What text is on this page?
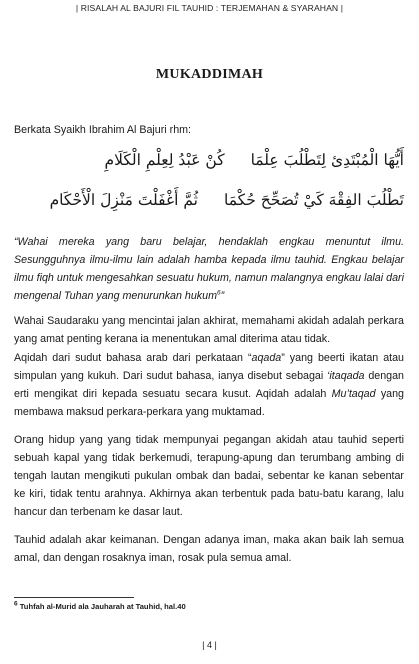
| RISALAH AL BAJURI FIL TAUHID : TERJEMAHAN & SYARAHAN |
MUKADDIMAH
Berkata Syaikh Ibrahim Al Bajuri rhm:
أَيُّهَا الْمُبْتَدِئ لِتَطْلُبَ عِلْمَاكُنْ عَبْدُ لِعِلْمِ الْكَلَامِ
تَطْلُبَ الفِقْهَ كَيْ تُصَحِّحَ حُكْمَاثُمَّ أَغْفَلْتَ مَنْزِلَ الْأَحْكَام
“Wahai mereka yang baru belajar, hendaklah engkau menuntut ilmu. Sesungguhnya ilmu-ilmu lain adalah hamba kepada ilmu tauhid. Engkau belajar ilmu fiqh untuk mengesahkan sesuatu hukum, namun malangnya engkau lalai dari mengenal Tuhan yang menurunkan hukum$^6$”
Wahai Saudaraku yang mencintai jalan akhirat, memahami akidah adalah perkara yang amat penting kerana ia menentukan amal diterima atau tidak.
Aqidah dari sudut bahasa arab dari perkataan “aqada” yang beerti ikatan atau simpulan yang kukuh. Dari sudut bahasa, ianya disebut sebagai ‘itaqada dengan erti mengikat diri kepada sesuatu secara kusut. Aqidah adalah Mu’taqad yang membawa maksud perkara-perkara yang muktamad.
Orang hidup yang yang tidak mempunyai pegangan akidah atau tauhid seperti sebuah kapal yang tidak berkemudi, terapung-apung dan terumbang ambing di tengah lautan mengikuti pukulan ombak dan badai, sebentar ke kanan sebentar ke kiri, tidak tentu arahnya. Akhirnya akan terbentuk pada batu-batu karang, lalu hancur dan terbenam ke dasar laut.
Tauhid adalah akar keimanan. Dengan adanya iman, maka akan baik lah semua amal, dan dengan rosaknya iman, rosak pula semua amal.
$^6$ Tuhfah al-Murid ala Jauharah at Tauhid, hal.40
| 4 |
